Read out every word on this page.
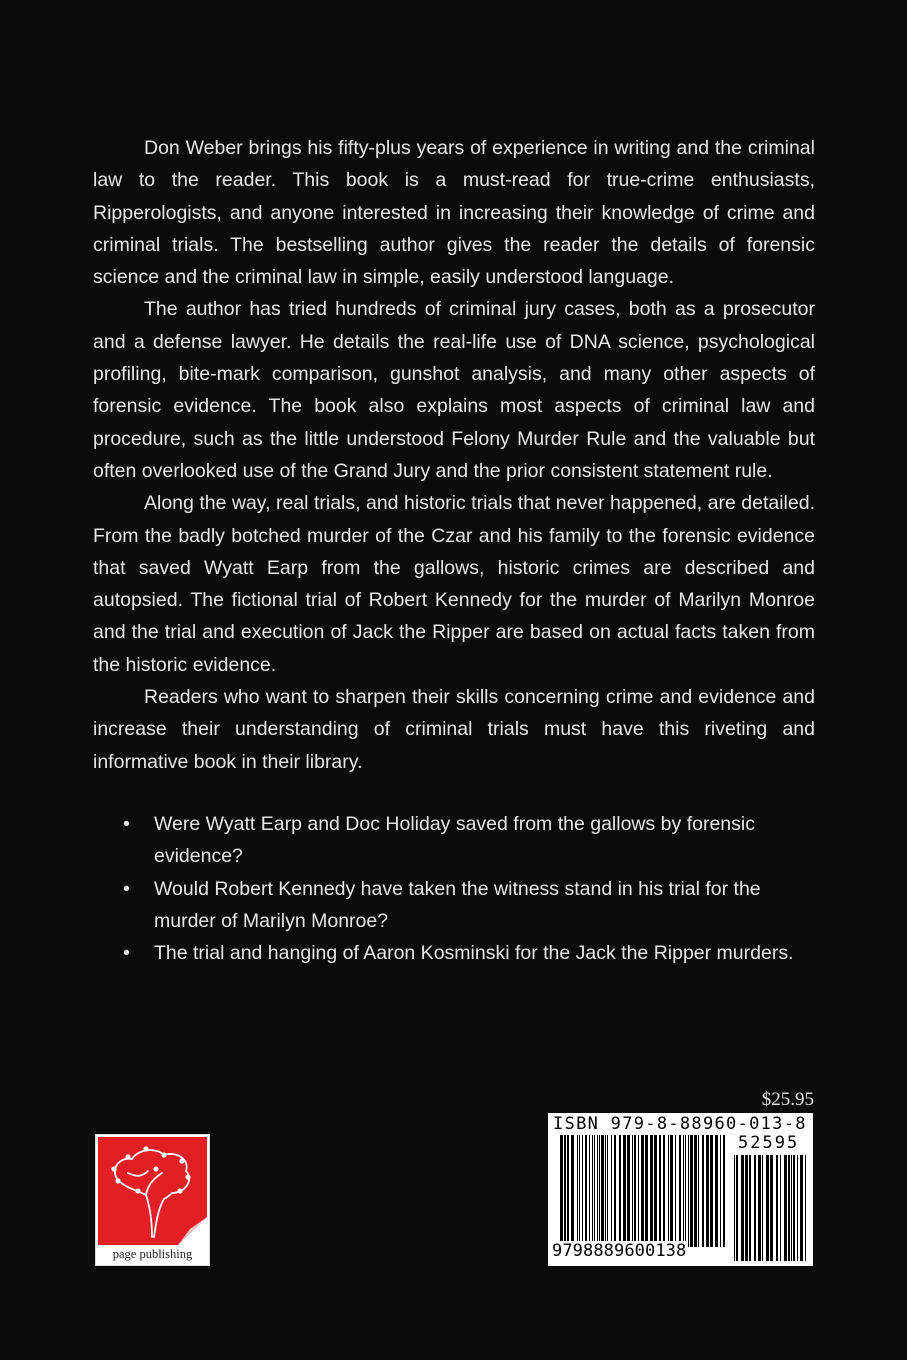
Don Weber brings his fifty-plus years of experience in writing and the criminal law to the reader. This book is a must-read for true-crime enthusiasts, Ripperologists, and anyone interested in increasing their knowledge of crime and criminal trials. The bestselling author gives the reader the details of forensic science and the criminal law in simple, easily understood language.

The author has tried hundreds of criminal jury cases, both as a prosecutor and a defense lawyer. He details the real-life use of DNA science, psychological profiling, bite-mark comparison, gunshot analysis, and many other aspects of forensic evidence. The book also explains most aspects of criminal law and procedure, such as the little understood Felony Murder Rule and the valuable but often overlooked use of the Grand Jury and the prior consistent statement rule.

Along the way, real trials, and historic trials that never happened, are detailed. From the badly botched murder of the Czar and his family to the forensic evidence that saved Wyatt Earp from the gallows, historic crimes are described and autopsied. The fictional trial of Robert Kennedy for the murder of Marilyn Monroe and the trial and execution of Jack the Ripper are based on actual facts taken from the historic evidence.

Readers who want to sharpen their skills concerning crime and evidence and increase their understanding of criminal trials must have this riveting and informative book in their library.

• Were Wyatt Earp and Doc Holiday saved from the gallows by forensic evidence?
• Would Robert Kennedy have taken the witness stand in his trial for the murder of Marilyn Monroe?
• The trial and hanging of Aaron Kosminski for the Jack the Ripper murders.
$25.95
ISBN 979-8-88960-013-8
52595
9798889600138
page publishing
